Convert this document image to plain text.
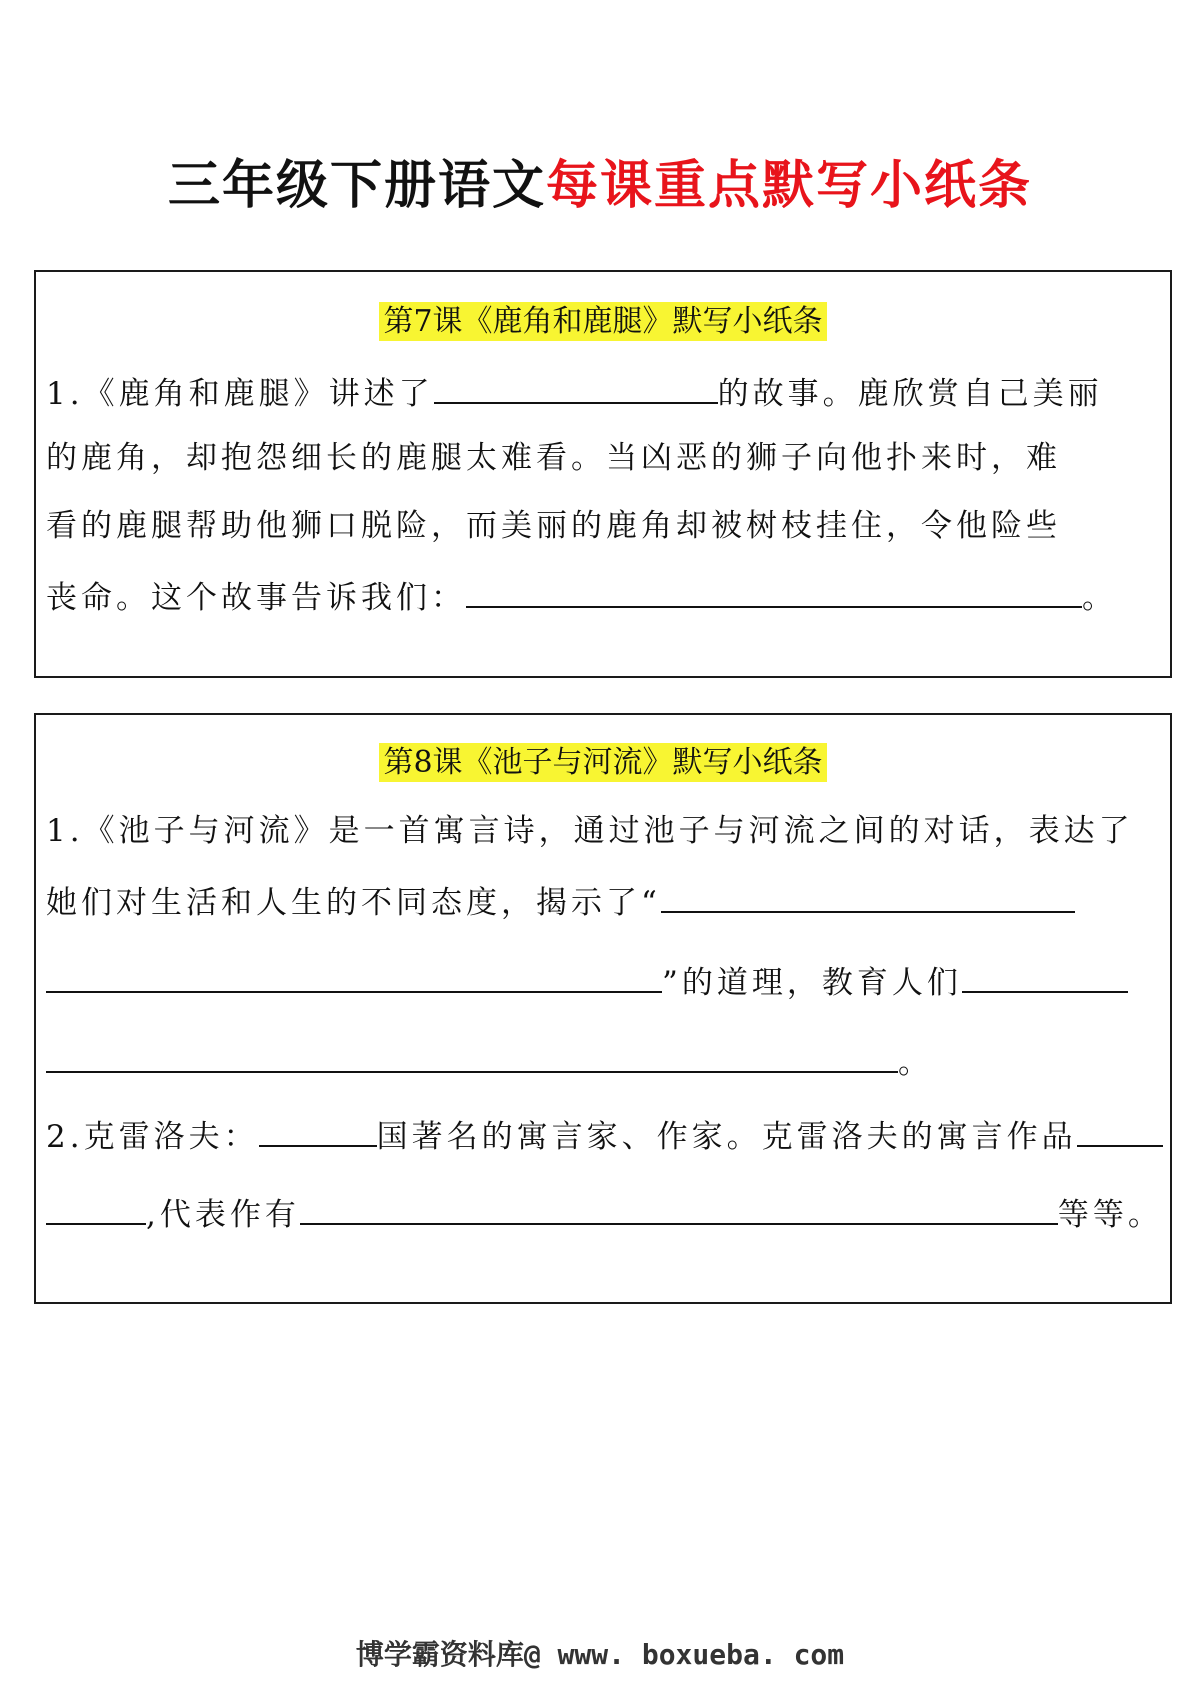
三年级下册语文每课重点默写小纸条
第7课《鹿角和鹿腿》默写小纸条
1.《鹿角和鹿腿》讲述了	的故事。鹿欣赏自己美丽
的鹿角，却抱怨细长的鹿腿太难看。当凶恶的狮子向他扑来时，难
看的鹿腿帮助他狮口脱险，而美丽的鹿角却被树枝挂住，令他险些
丧命。这个故事告诉我们：	。
第8课《池子与河流》默写小纸条
1.《池子与河流》是一首寓言诗，通过池子与河流之间的对话，表达了
她们对生活和人生的不同态度，揭示了“
”的道理，教育人们
。
2.克雷洛夫：	国著名的寓言家、作家。克雷洛夫的寓言作品
,代表作有	等等。
博学霸资料库@ www. boxueba. com
